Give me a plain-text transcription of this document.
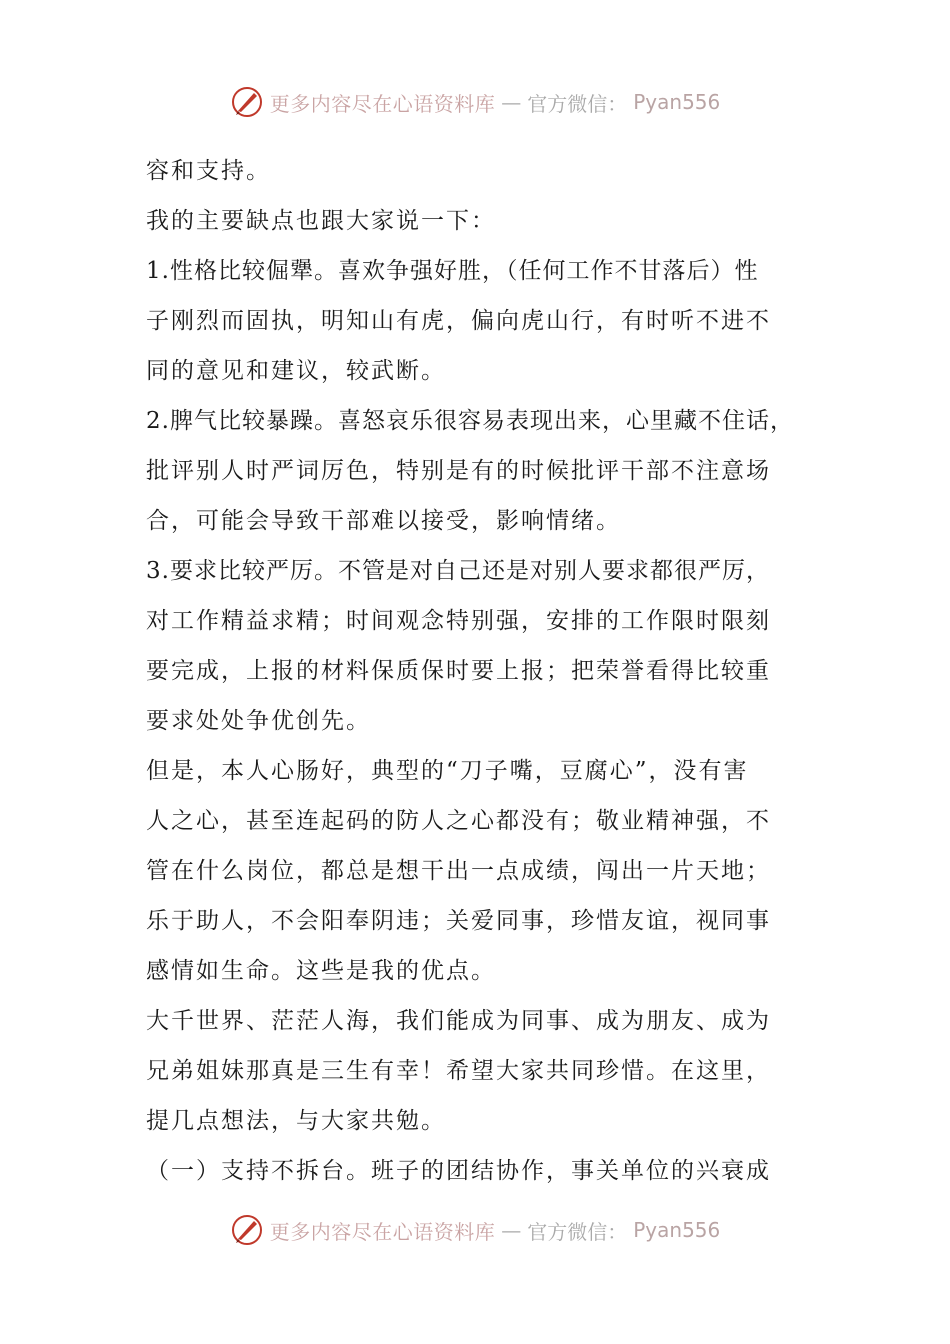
更多内容尽在心语资料库 — 官方微信： Pyan556
容和支持。
我的主要缺点也跟大家说一下：
1.性格比较倔犟。喜欢争强好胜，（任何工作不甘落后）性
子刚烈而固执，明知山有虎，偏向虎山行，有时听不进不
同的意见和建议，较武断。
2.脾气比较暴躁。喜怒哀乐很容易表现出来，心里藏不住话，
批评别人时严词厉色，特别是有的时候批评干部不注意场
合，可能会导致干部难以接受，影响情绪。
3.要求比较严厉。不管是对自己还是对别人要求都很严厉，
对工作精益求精；时间观念特别强，安排的工作限时限刻
要完成，上报的材料保质保时要上报；把荣誉看得比较重
要求处处争优创先。
但是，本人心肠好，典型的“刀子嘴，豆腐心”，没有害
人之心，甚至连起码的防人之心都没有；敬业精神强，不
管在什么岗位，都总是想干出一点成绩，闯出一片天地；
乐于助人，不会阳奉阴违；关爱同事，珍惜友谊，视同事
感情如生命。这些是我的优点。
大千世界、茫茫人海，我们能成为同事、成为朋友、成为
兄弟姐妹那真是三生有幸！希望大家共同珍惜。在这里，
提几点想法，与大家共勉。
（一）支持不拆台。班子的团结协作，事关单位的兴衰成
更多内容尽在心语资料库 — 官方微信： Pyan556
